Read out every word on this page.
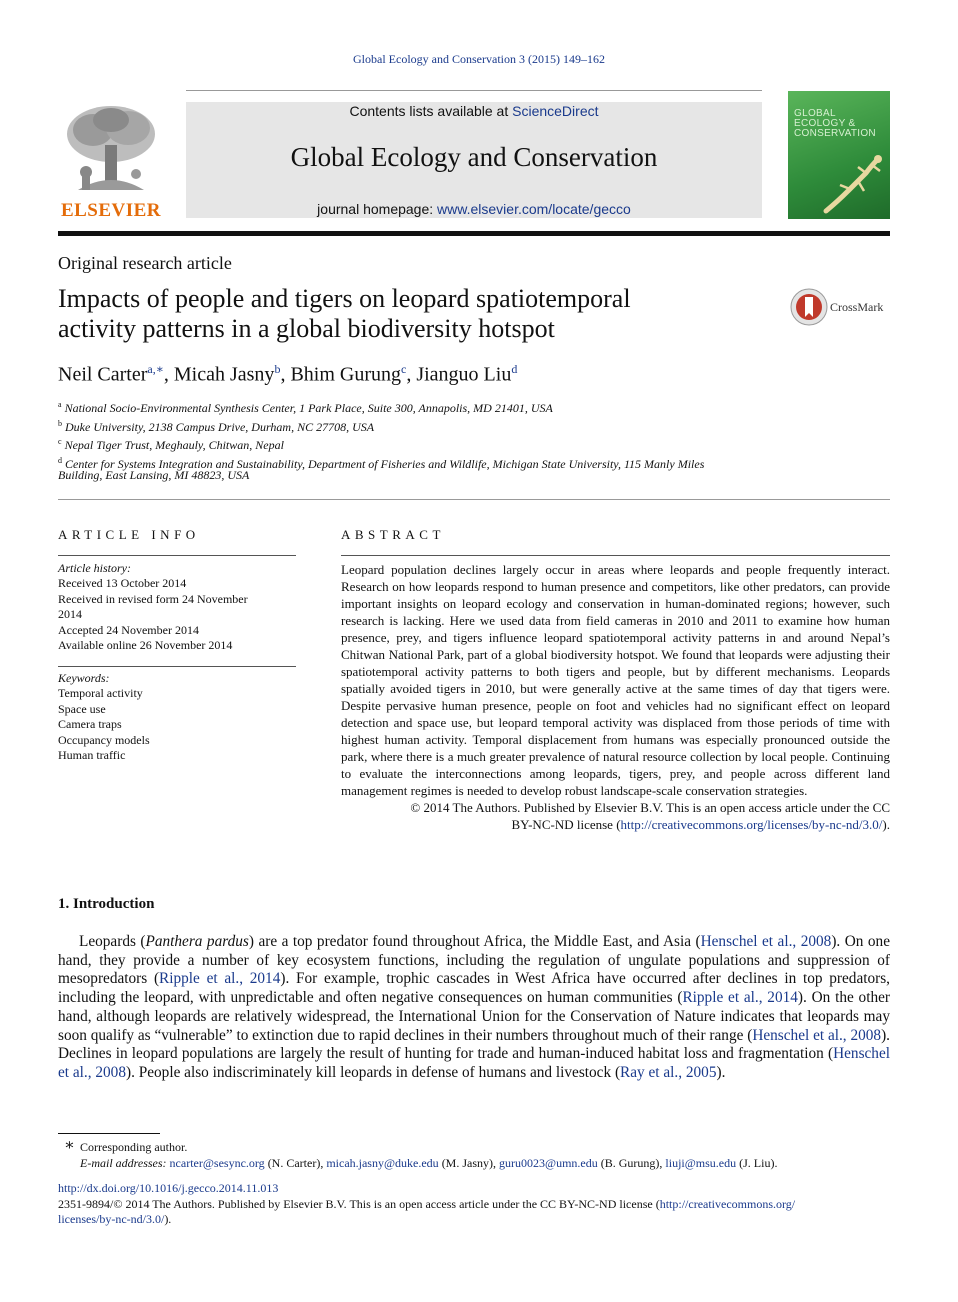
Global Ecology and Conservation 3 (2015) 149–162
ELSEVIER
Contents lists available at ScienceDirect
Global Ecology and Conservation
journal homepage: www.elsevier.com/locate/gecco
GLOBAL ECOLOGY & CONSERVATION
Original research article
Impacts of people and tigers on leopard spatiotemporal
activity patterns in a global biodiversity hotspot
CrossMark
Neil Carter$^{a,∗}$, Micah Jasny$^b$, Bhim Gurung$^c$, Jianguo Liu$^d$
$^a$ National Socio-Environmental Synthesis Center, 1 Park Place, Suite 300, Annapolis, MD 21401, USA
$^b$ Duke University, 2138 Campus Drive, Durham, NC 27708, USA
$^c$ Nepal Tiger Trust, Meghauly, Chitwan, Nepal
$^d$ Center for Systems Integration and Sustainability, Department of Fisheries and Wildlife, Michigan State University, 115 Manly Miles
Building, East Lansing, MI 48823, USA
ARTICLE INFO
Article history:
Received 13 October 2014
Received in revised form 24 November
2014
Accepted 24 November 2014
Available online 26 November 2014
Keywords:
Temporal activity
Space use
Camera traps
Occupancy models
Human traffic
ABSTRACT
Leopard population declines largely occur in areas where leopards and people frequently interact. Research on how leopards respond to human presence and competitors, like other predators, can provide important insights on leopard ecology and conservation in human-dominated regions; however, such research is lacking. Here we used data from field cameras in 2010 and 2011 to examine how human presence, prey, and tigers influence leopard spatiotemporal activity patterns in and around Nepal’s Chitwan National Park, part of a global biodiversity hotspot. We found that leopards were adjusting their spatiotemporal activity patterns to both tigers and people, but by different mechanisms. Leopards spatially avoided tigers in 2010, but were generally active at the same times of day that tigers were. Despite pervasive human presence, people on foot and vehicles had no significant effect on leopard detection and space use, but leopard temporal activity was displaced from those periods of time with highest human activity. Temporal displacement from humans was especially pronounced outside the park, where there is a much greater prevalence of natural resource collection by local people. Continuing to evaluate the interconnections among leopards, tigers, prey, and people across different land management regimes is needed to develop robust landscape-scale conservation strategies.
© 2014 The Authors. Published by Elsevier B.V. This is an open access article under the CC
BY-NC-ND license (http://creativecommons.org/licenses/by-nc-nd/3.0/).
1. Introduction

Leopards (Panthera pardus) are a top predator found throughout Africa, the Middle East, and Asia (Henschel et al., 2008). On one hand, they provide a number of key ecosystem functions, including the regulation of ungulate populations and suppression of mesopredators (Ripple et al., 2014). For example, trophic cascades in West Africa have occurred after declines in top predators, including the leopard, with unpredictable and often negative consequences on human communities (Ripple et al., 2014). On the other hand, although leopards are relatively widespread, the International Union for the Conservation of Nature indicates that leopards may soon qualify as “vulnerable” to extinction due to rapid declines in their numbers throughout much of their range (Henschel et al., 2008). Declines in leopard populations are largely the result of hunting for trade and human-induced habitat loss and fragmentation (Henschel et al., 2008). People also indiscriminately kill leopards in defense of humans and livestock (Ray et al., 2005).

∗ Corresponding author.
E-mail addresses: ncarter@sesync.org (N. Carter), micah.jasny@duke.edu (M. Jasny), guru0023@umn.edu (B. Gurung), liuji@msu.edu (J. Liu).
http://dx.doi.org/10.1016/j.gecco.2014.11.013
2351-9894/© 2014 The Authors. Published by Elsevier B.V. This is an open access article under the CC BY-NC-ND license (http://creativecommons.org/
licenses/by-nc-nd/3.0/).
